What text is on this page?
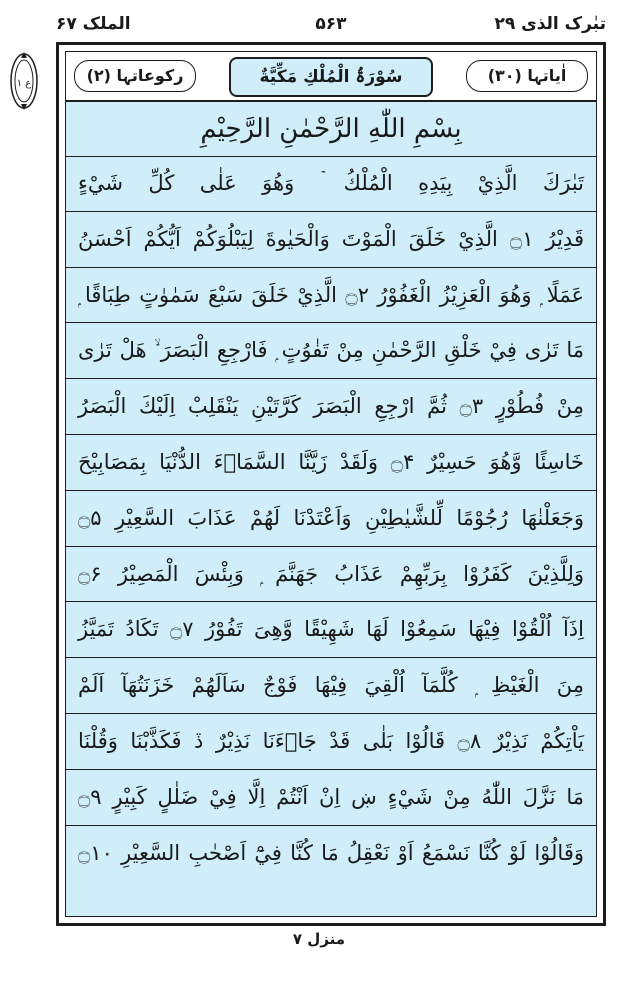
تبٰرک الذی ۲۹
۵۶۳
الملک ۶۷
ع ۱	اٰیاتہا (۳۰)
سُوْرَۃُ الْمُلْكِ مَكِّيَّةٌ
رکوعاتہا (۲)
بِسْمِ اللّٰهِ الرَّحْمٰنِ الرَّحِيْمِ
تَبٰرَكَ الَّذِيْ بِيَدِهِ الْمُلْكُ ۡ وَهُوَ عَلٰى كُلِّ شَيْءٍ
قَدِيْرُ ۝۱ الَّذِيْ خَلَقَ الْمَوْتَ وَالْحَيٰوةَ لِيَبْلُوَكُمْ اَيُّكُمْ اَحْسَنُ
عَمَلًا ۭ وَهُوَ الْعَزِيْزُ الْغَفُوْرُ ۝۲ الَّذِيْ خَلَقَ سَبْعَ سَمٰوٰتٍ طِبَاقًا ۭ
مَا تَرٰى فِيْ خَلْقِ الرَّحْمٰنِ مِنْ تَفٰوُتٍ ۭ فَارْجِعِ الْبَصَرَ ۙ هَلْ تَرٰى
مِنْ فُطُوْرٍ ۝۳ ثُمَّ ارْجِعِ الْبَصَرَ كَرَّتَيْنِ يَنْقَلِبْ اِلَيْكَ الْبَصَرُ
خَاسِئًا وَّهُوَ حَسِيْرٌ ۝۴ وَلَقَدْ زَيَّنَّا السَّمَاۗءَ الدُّنْيَا بِمَصَابِيْحَ
وَجَعَلْنٰهَا رُجُوْمًا لِّلشَّيٰطِيْنِ وَاَعْتَدْنَا لَهُمْ عَذَابَ السَّعِيْرِ ۝۵
وَلِلَّذِيْنَ كَفَرُوْا بِرَبِّهِمْ عَذَابُ جَهَنَّمَ ۭ وَبِئْسَ الْمَصِيْرُ ۝۶
اِذَآ اُلْقُوْا فِيْهَا سَمِعُوْا لَهَا شَهِيْقًا وَّهِىَ تَفُوْرُ ۝۷ تَكَادُ تَمَيَّزُ
مِنَ الْغَيْظِ ۭ كُلَّمَآ اُلْقِيَ فِيْهَا فَوْجٌ سَاَلَهُمْ خَزَنَتُهَآ اَلَمْ
يَاْتِكُمْ نَذِيْرٌ ۝۸ قَالُوْا بَلٰى قَدْ جَاۗءَنَا نَذِيْرٌ ڏ فَكَذَّبْنَا وَقُلْنَا
مَا نَزَّلَ اللّٰهُ مِنْ شَيْءٍ ښ اِنْ اَنْتُمْ اِلَّا فِيْ ضَلٰلٍ كَبِيْرٍ ۝۹
وَقَالُوْا لَوْ كُنَّا نَسْمَعُ اَوْ نَعْقِلُ مَا كُنَّا فِيْٓ اَصْحٰبِ السَّعِيْرِ ۝۱۰
منزل ۷
